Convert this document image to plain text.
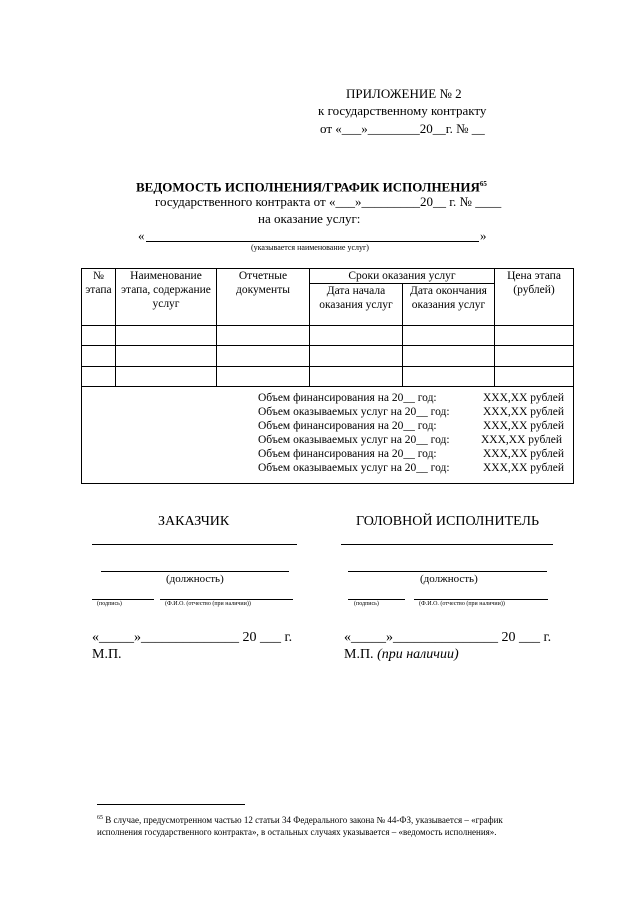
ПРИЛОЖЕНИЕ № 2
к государственному контракту
от «___»________20__г. № __
ВЕДОМОСТЬ ИСПОЛНЕНИЯ/ГРАФИК ИСПОЛНЕНИЯ$^{65}$
государственного контракта от «___»_________20__ г. № ____
на оказание услуг:
«	»
(указывается наименование услуг)
№ этапа	Наименование этапа, содержание услуг	Отчетные документы	Сроки оказания услуг		Цена этапа (рублей)
			Дата начала оказания услуг	Дата окончания оказания услуг	

Объем финансирования на 20__ год:	ХХХ,ХХ рублей
Объем оказываемых услуг на 20__ год:	ХХХ,ХХ рублей
Объем финансирования на 20__ год:	ХХХ,ХХ рублей
Объем оказываемых услуг на 20__ год:	ХХХ,ХХ рублей
Объем финансирования на 20__ год:	ХХХ,ХХ рублей
Объем оказываемых услуг на 20__ год:	ХХХ,ХХ рублей
ЗАКАЗЧИК
(должность)
(подпись)	(Ф.И.О. (отчество (при наличии))
«_____»______________ 20 ___ г.
М.П.
ГОЛОВНОЙ ИСПОЛНИТЕЛЬ
(должность)
(подпись)	(Ф.И.О. (отчество (при наличии))
«_____»_______________ 20 ___ г.
М.П. (при наличии)
$^{65}$ В случае, предусмотренном частью 12 статьи 34 Федерального закона № 44-ФЗ, указывается – «график
исполнения государственного контракта», в остальных случаях указывается – «ведомость исполнения».
